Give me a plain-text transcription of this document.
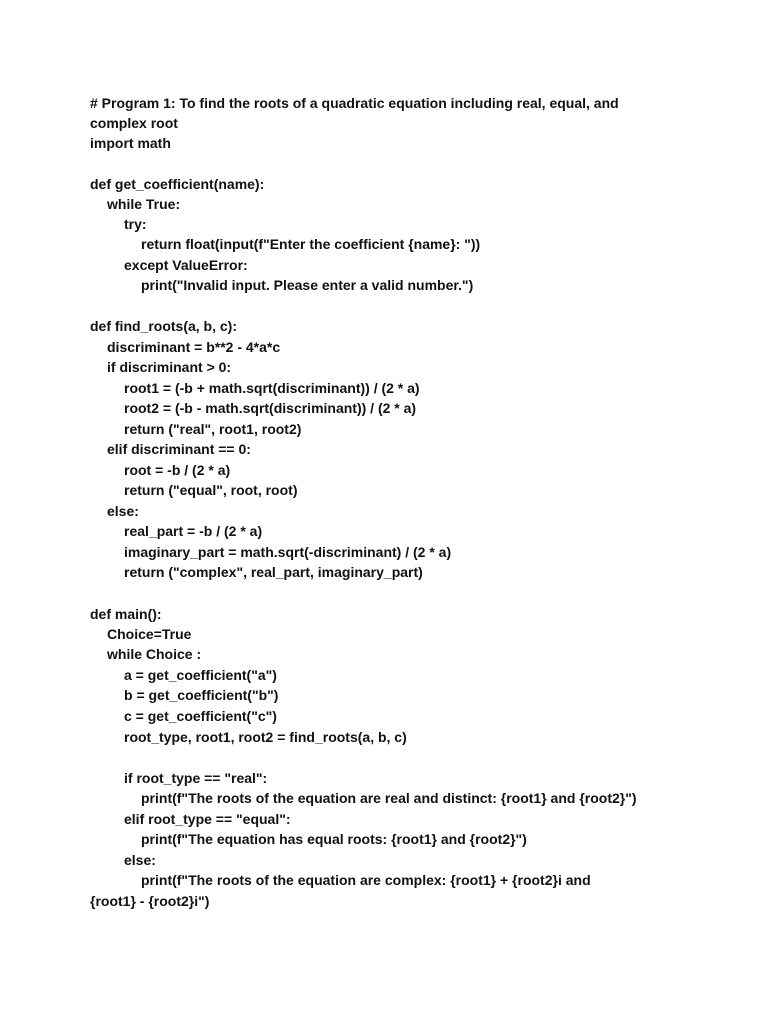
# Program 1: To find the roots of a quadratic equation including real, equal, and
complex root
import math
def get_coefficient(name):
while True:
try:
return float(input(f"Enter the coefficient {name}: "))
except ValueError:
print("Invalid input. Please enter a valid number.")
def find_roots(a, b, c):
discriminant = b**2 - 4*a*c
if discriminant > 0:
root1 = (-b + math.sqrt(discriminant)) / (2 * a)
root2 = (-b - math.sqrt(discriminant)) / (2 * a)
return ("real", root1, root2)
elif discriminant == 0:
root = -b / (2 * a)
return ("equal", root, root)
else:
real_part = -b / (2 * a)
imaginary_part = math.sqrt(-discriminant) / (2 * a)
return ("complex", real_part, imaginary_part)
def main():
Choice=True
while Choice :
a = get_coefficient("a")
b = get_coefficient("b")
c = get_coefficient("c")
root_type, root1, root2 = find_roots(a, b, c)
if root_type == "real":
print(f"The roots of the equation are real and distinct: {root1} and {root2}")
elif root_type == "equal":
print(f"The equation has equal roots: {root1} and {root2}")
else:
print(f"The roots of the equation are complex: {root1} + {root2}i and
{root1} - {root2}i")
